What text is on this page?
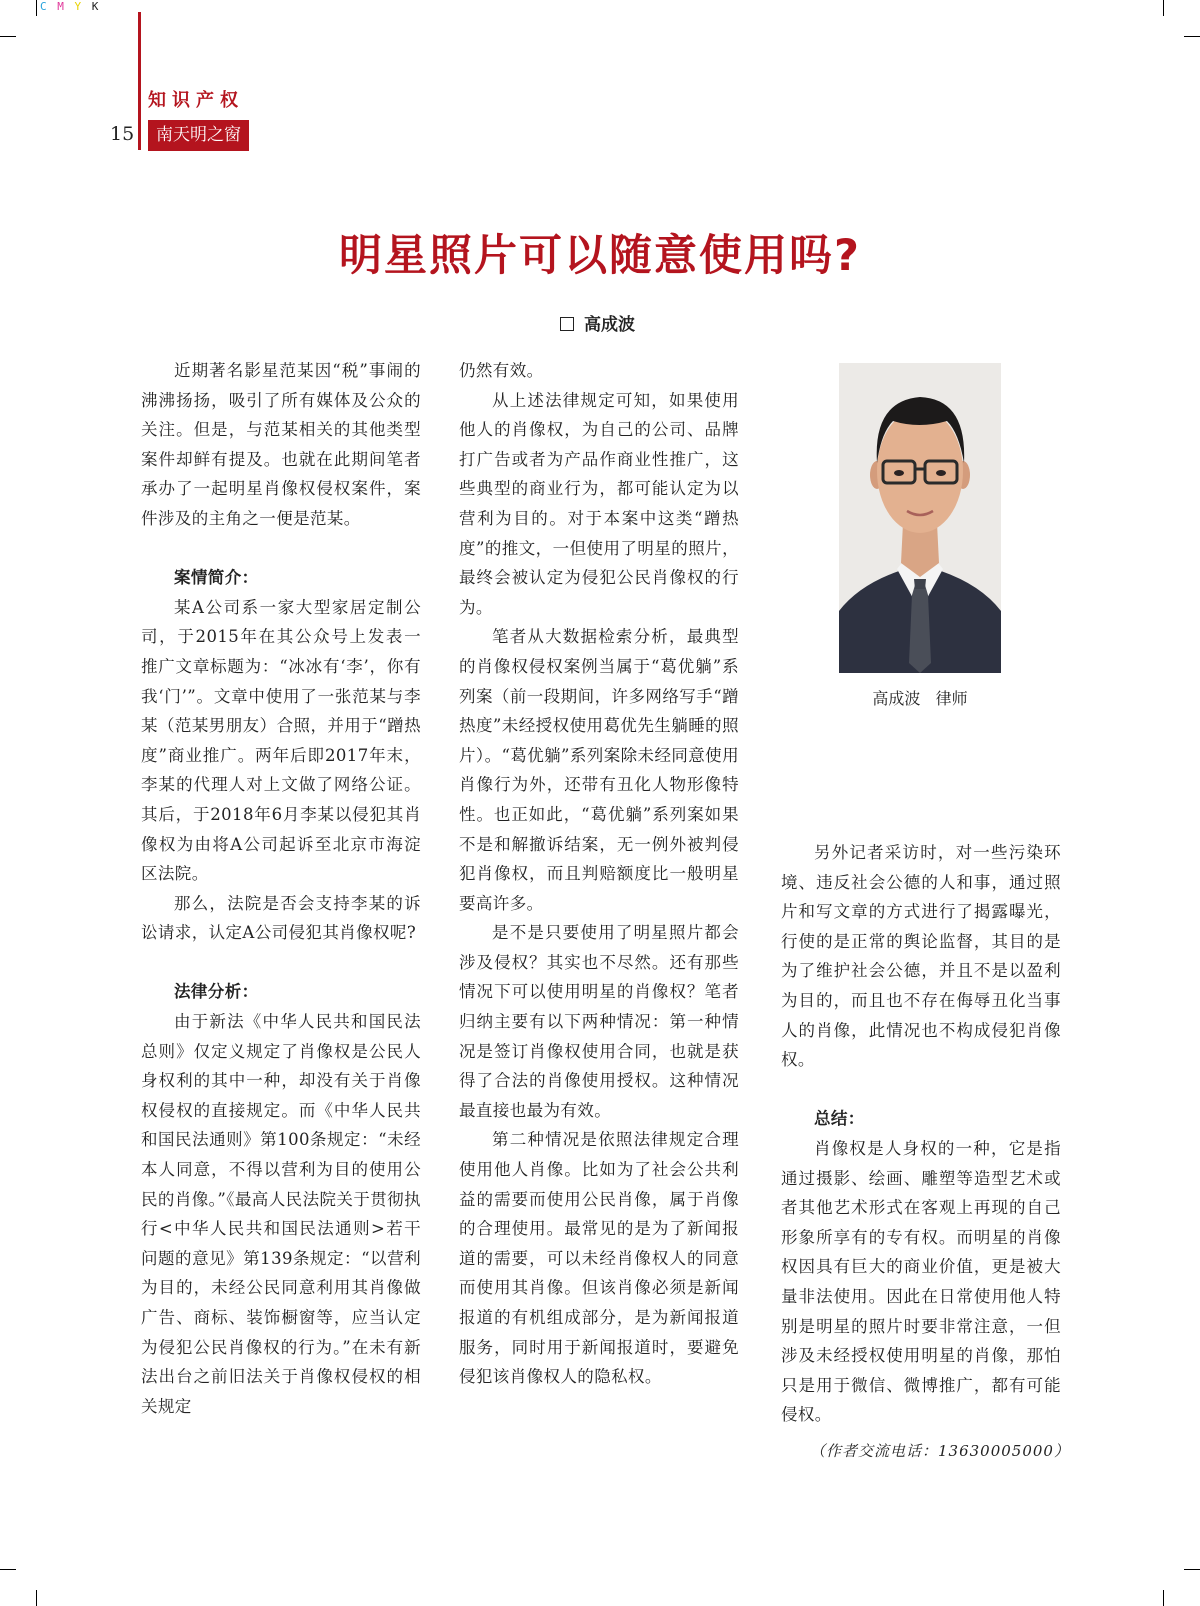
C M Y K
知识产权
15	南天明之窗
明星照片可以随意使用吗?
高成波

近期著名影星范某因“税”事闹的沸沸扬扬，吸引了所有媒体及公众的关注。但是，与范某相关的其他类型案件却鲜有提及。也就在此期间笔者承办了一起明星肖像权侵权案件，案件涉及的主角之一便是范某。

案情简介：

某A公司系一家大型家居定制公司，于2015年在其公众号上发表一推广文章标题为：“冰冰有‘李’，你有我‘门’”。文章中使用了一张范某与李某（范某男朋友）合照，并用于“蹭热度”商业推广。两年后即2017年末，李某的代理人对上文做了网络公证。其后，于2018年6月李某以侵犯其肖像权为由将A公司起诉至北京市海淀区法院。

那么，法院是否会支持李某的诉讼请求，认定A公司侵犯其肖像权呢?

法律分析：

由于新法《中华人民共和国民法总则》仅定义规定了肖像权是公民人身权利的其中一种，却没有关于肖像权侵权的直接规定。而《中华人民共和国民法通则》第100条规定：“未经本人同意，不得以营利为目的使用公民的肖像。”《最高人民法院关于贯彻执行<中华人民共和国民法通则>若干问题的意见》第139条规定：“以营利为目的，未经公民同意利用其肖像做广告、商标、装饰橱窗等，应当认定为侵犯公民肖像权的行为。”在未有新法出台之前旧法关于肖像权侵权的相关规定

仍然有效。

从上述法律规定可知，如果使用他人的肖像权，为自己的公司、品牌打广告或者为产品作商业性推广，这些典型的商业行为，都可能认定为以营利为目的。对于本案中这类“蹭热度”的推文，一但使用了明星的照片，最终会被认定为侵犯公民肖像权的行为。

笔者从大数据检索分析，最典型的肖像权侵权案例当属于“葛优躺”系列案（前一段期间，许多网络写手“蹭热度”未经授权使用葛优先生躺睡的照片）。“葛优躺”系列案除未经同意使用肖像行为外，还带有丑化人物形像特性。也正如此，“葛优躺”系列案如果不是和解撤诉结案，无一例外被判侵犯肖像权，而且判赔额度比一般明星要高许多。

是不是只要使用了明星照片都会涉及侵权？其实也不尽然。还有那些情况下可以使用明星的肖像权？笔者归纳主要有以下两种情况：第一种情况是签订肖像权使用合同，也就是获得了合法的肖像使用授权。这种情况最直接也最为有效。

第二种情况是依照法律规定合理使用他人肖像。比如为了社会公共利益的需要而使用公民肖像，属于肖像的合理使用。最常见的是为了新闻报道的需要，可以未经肖像权人的同意而使用其肖像。但该肖像必须是新闻报道的有机组成部分，是为新闻报道服务，同时用于新闻报道时，要避免侵犯该肖像权人的隐私权。

高成波   律师

另外记者采访时，对一些污染环境、违反社会公德的人和事，通过照片和写文章的方式进行了揭露曝光，行使的是正常的舆论监督，其目的是为了维护社会公德，并且不是以盈利为目的，而且也不存在侮辱丑化当事人的肖像，此情况也不构成侵犯肖像权。

总结：

肖像权是人身权的一种，它是指通过摄影、绘画、雕塑等造型艺术或者其他艺术形式在客观上再现的自己形象所享有的专有权。而明星的肖像权因具有巨大的商业价值，更是被大量非法使用。因此在日常使用他人特别是明星的照片时要非常注意，一但涉及未经授权使用明星的肖像，那怕只是用于微信、微博推广，都有可能侵权。

（作者交流电话：13630005000）
